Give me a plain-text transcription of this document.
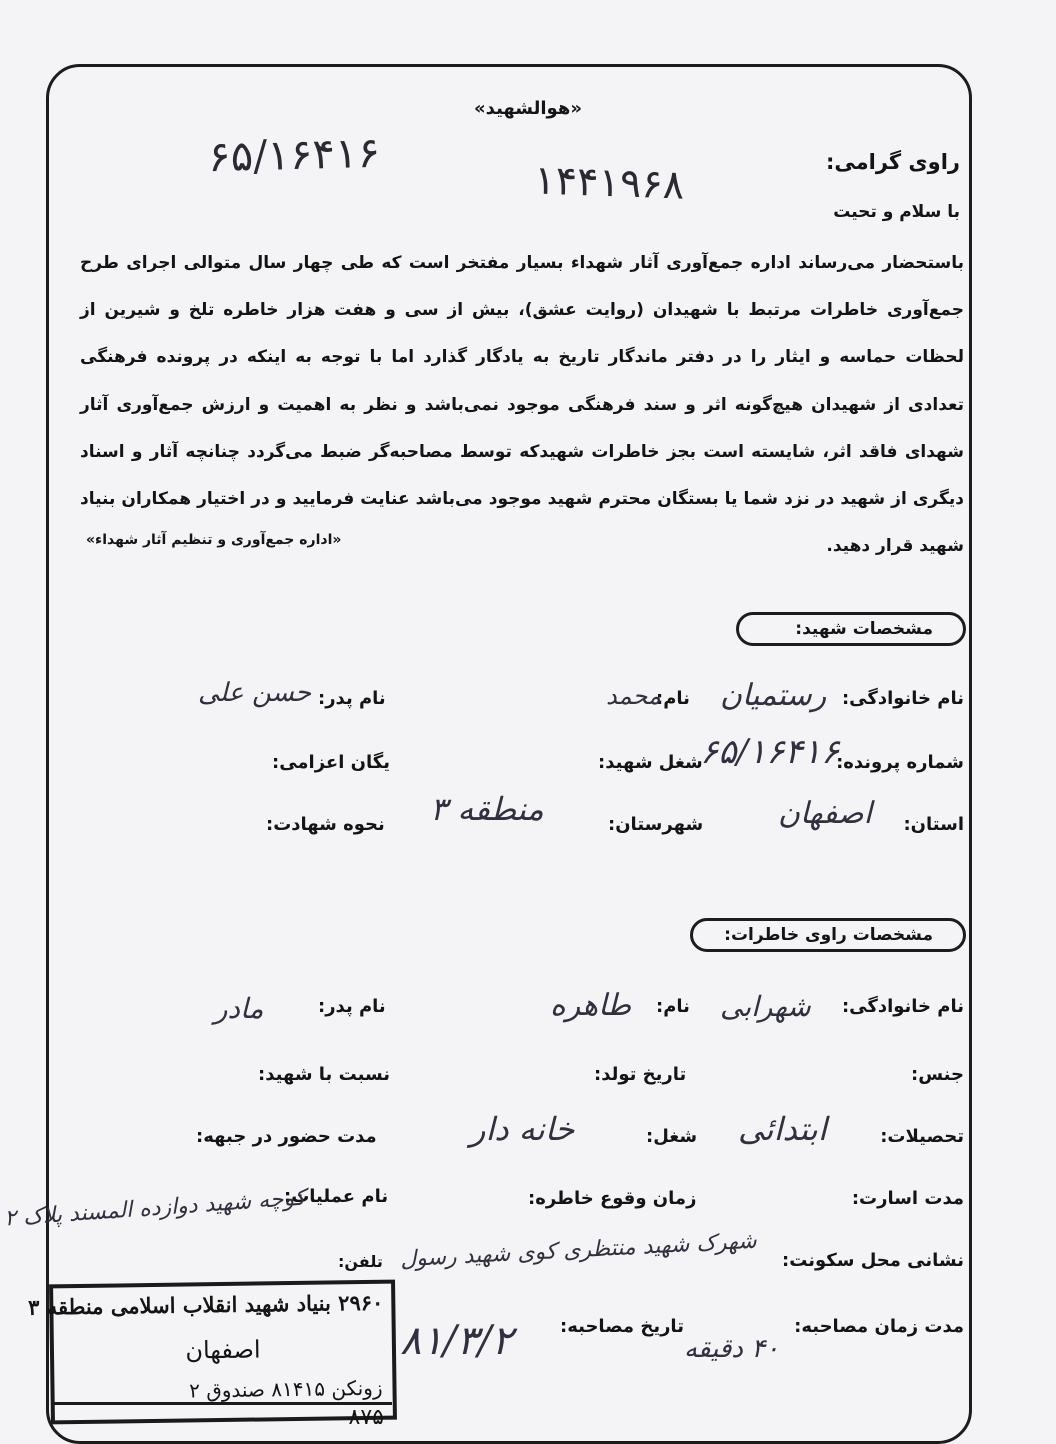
«هوالشهید»
۶۵/۱۶۴۱۶
۱۴۴۱۹۶۸	راوی گرامی:
با سلام و تحیت
باستحضار می‌رساند اداره جمع‌آوری آثار شهداء بسیار مفتخر است که طی چهار سال متوالی اجرای طرح جمع‌آوری خاطرات مرتبط با شهیدان (روایت عشق)، بیش از سی و هفت هزار خاطره تلخ و شیرین از لحظات حماسه و ایثار را در دفتر ماندگار تاریخ به یادگار گذارد اما با توجه به اینکه در پرونده فرهنگی تعدادی از شهیدان هیچ‌گونه اثر و سند فرهنگی موجود نمی‌باشد و نظر به اهمیت و ارزش جمع‌آوری آثار شهدای فاقد اثر، شایسته است بجز خاطرات شهیدکه توسط مصاحبه‌گر ضبط می‌گردد چنانچه آثار و اسناد دیگری از شهید در نزد شما یا بستگان محترم شهید موجود می‌باشد عنایت فرمایید و در اختیار همکاران بنیاد شهید قرار دهید.
«اداره جمع‌آوری و تنظیم آثار شهداء»
مشخصات شهید:
نام خانوادگی:
رستمیان
نام:
محمد
نام پدر:
حسن علی
شماره پرونده:
۶۵/۱۶۴۱۶
شغل شهید:
یگان اعزامی:
استان:
اصفهان
شهرستان:
منطقه ۳
نحوه شهادت:
مشخصات راوی خاطرات:
نام خانوادگی:
شهرابی
نام:
طاهره
نام پدر:
مادر
جنس:
تاریخ تولد:
نسبت با شهید:
تحصیلات:
ابتدائی
شغل:
خانه دار
مدت حضور در جبهه:
مدت اسارت:
زمان وقوع خاطره:
نام عملیات:
کوچه شهید دوازده المسند پلاک ۲
نشانی محل سکونت:
شهرک شهید منتظری کوی شهید رسول
تلفن:
مدت زمان مصاحبه:
۴۰ دقیقه
تاریخ مصاحبه:
۸۱/۳/۲
۲۹۶۰ بنیاد شهید انقلاب اسلامی منطقه ۳
اصفهان
زونکن ۸۱۴۱۵ صندوق ۲
۸۷۵
